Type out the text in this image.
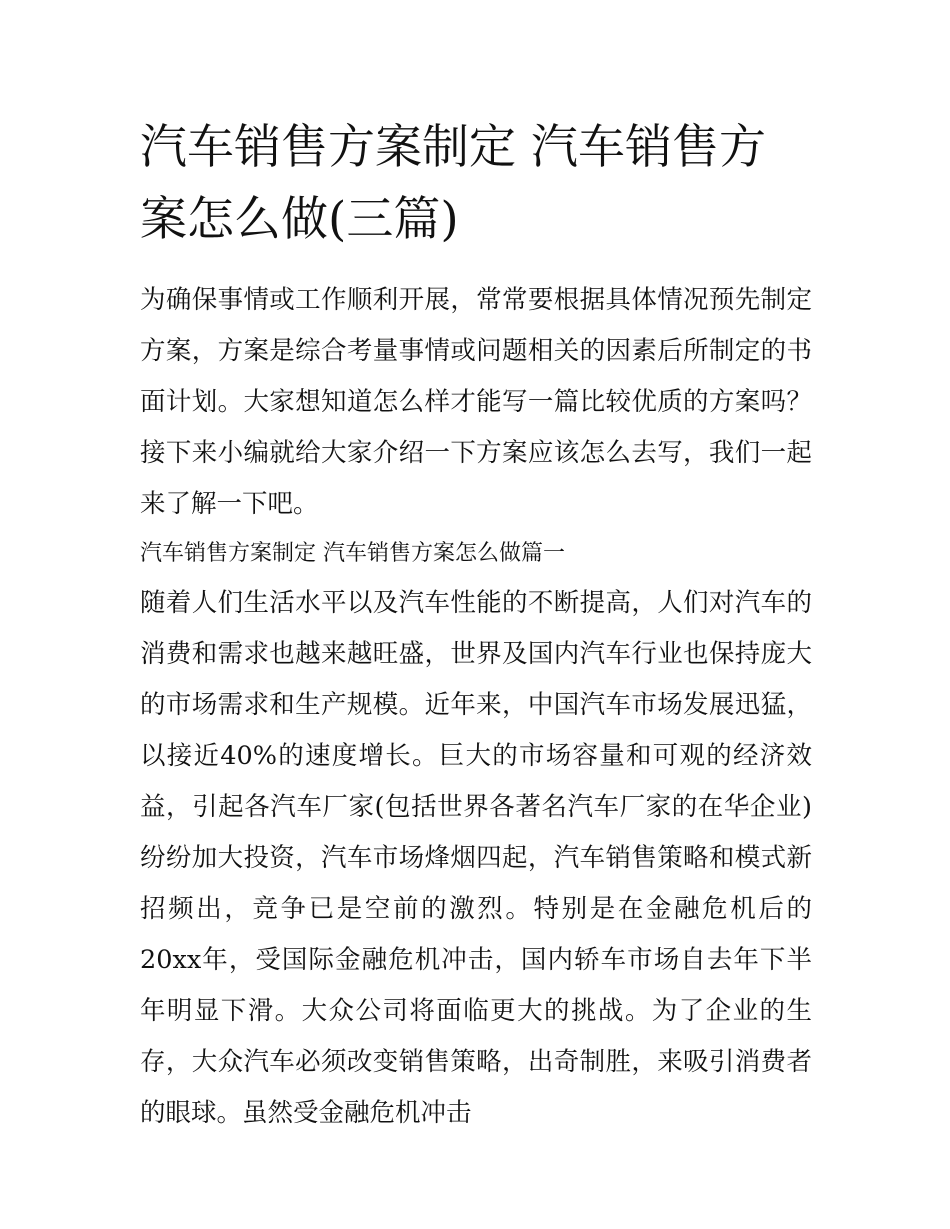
汽车销售方案制定 汽车销售方案怎么做(三篇)

为确保事情或工作顺利开展，常常要根据具体情况预先制定方案，方案是综合考量事情或问题相关的因素后所制定的书面计划。大家想知道怎么样才能写一篇比较优质的方案吗？接下来小编就给大家介绍一下方案应该怎么去写，我们一起来了解一下吧。

汽车销售方案制定 汽车销售方案怎么做篇一

随着人们生活水平以及汽车性能的不断提高，人们对汽车的消费和需求也越来越旺盛，世界及国内汽车行业也保持庞大的市场需求和生产规模。近年来，中国汽车市场发展迅猛，以接近40%的速度增长。巨大的市场容量和可观的经济效益，引起各汽车厂家(包括世界各著名汽车厂家的在华企业)纷纷加大投资，汽车市场烽烟四起，汽车销售策略和模式新招频出，竞争已是空前的激烈。特别是在金融危机后的20xx年，受国际金融危机冲击，国内轿车市场自去年下半年明显下滑。大众公司将面临更大的挑战。为了企业的生存，大众汽车必须改变销售策略，出奇制胜，来吸引消费者的眼球。虽然受金融危机冲击
